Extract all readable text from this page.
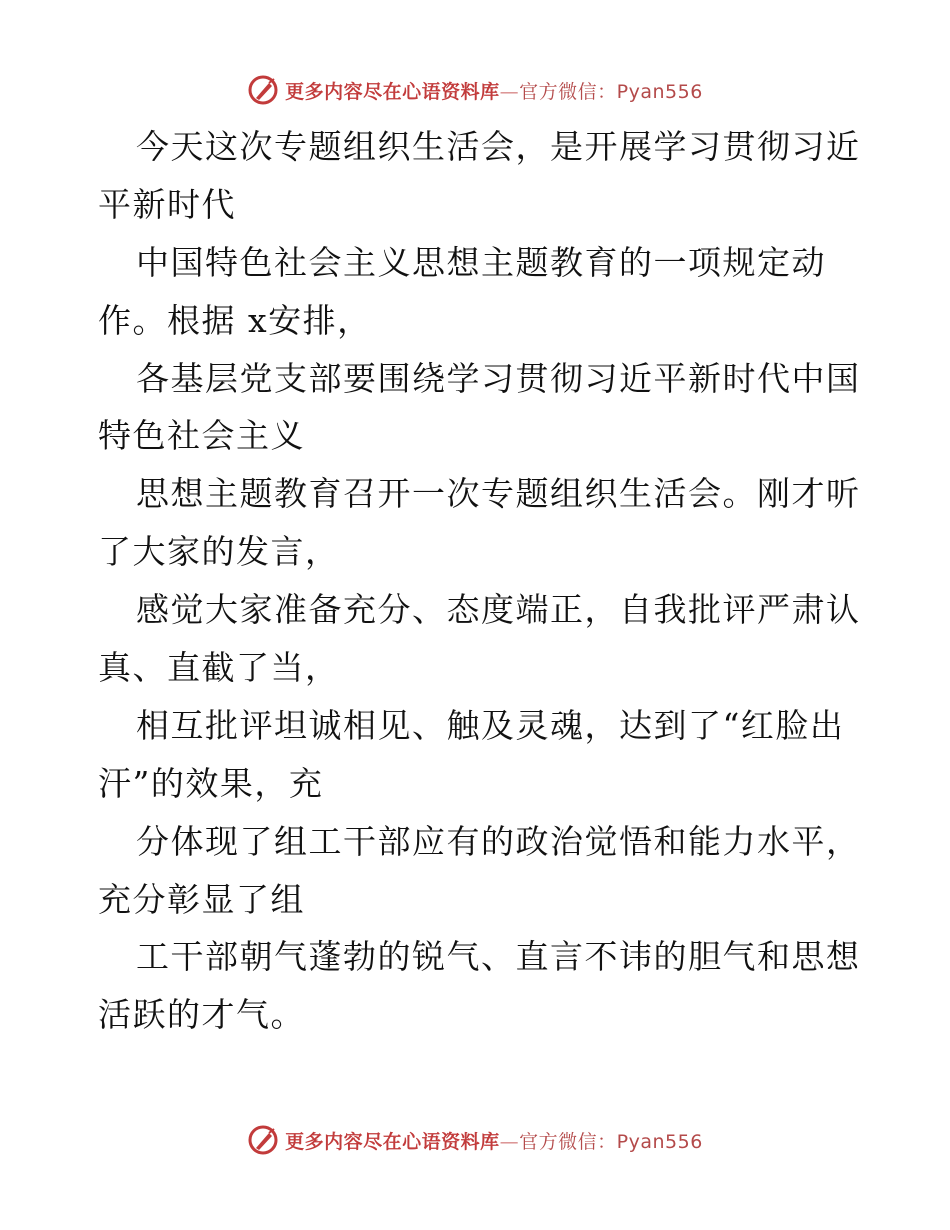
更多内容尽在心语资料库—官方微信：Pyan556
今天这次专题组织生活会，是开展学习贯彻习近
平新时代
中国特色社会主义思想主题教育的一项规定动
作。根据 x安排，
各基层党支部要围绕学习贯彻习近平新时代中国
特色社会主义
思想主题教育召开一次专题组织生活会。刚才听
了大家的发言，
感觉大家准备充分、态度端正，自我批评严肃认
真、直截了当，
相互批评坦诚相见、触及灵魂，达到了“红脸出
汗”的效果，充
分体现了组工干部应有的政治觉悟和能力水平，
充分彰显了组
工干部朝气蓬勃的锐气、直言不讳的胆气和思想
活跃的才气。
更多内容尽在心语资料库—官方微信：Pyan556
